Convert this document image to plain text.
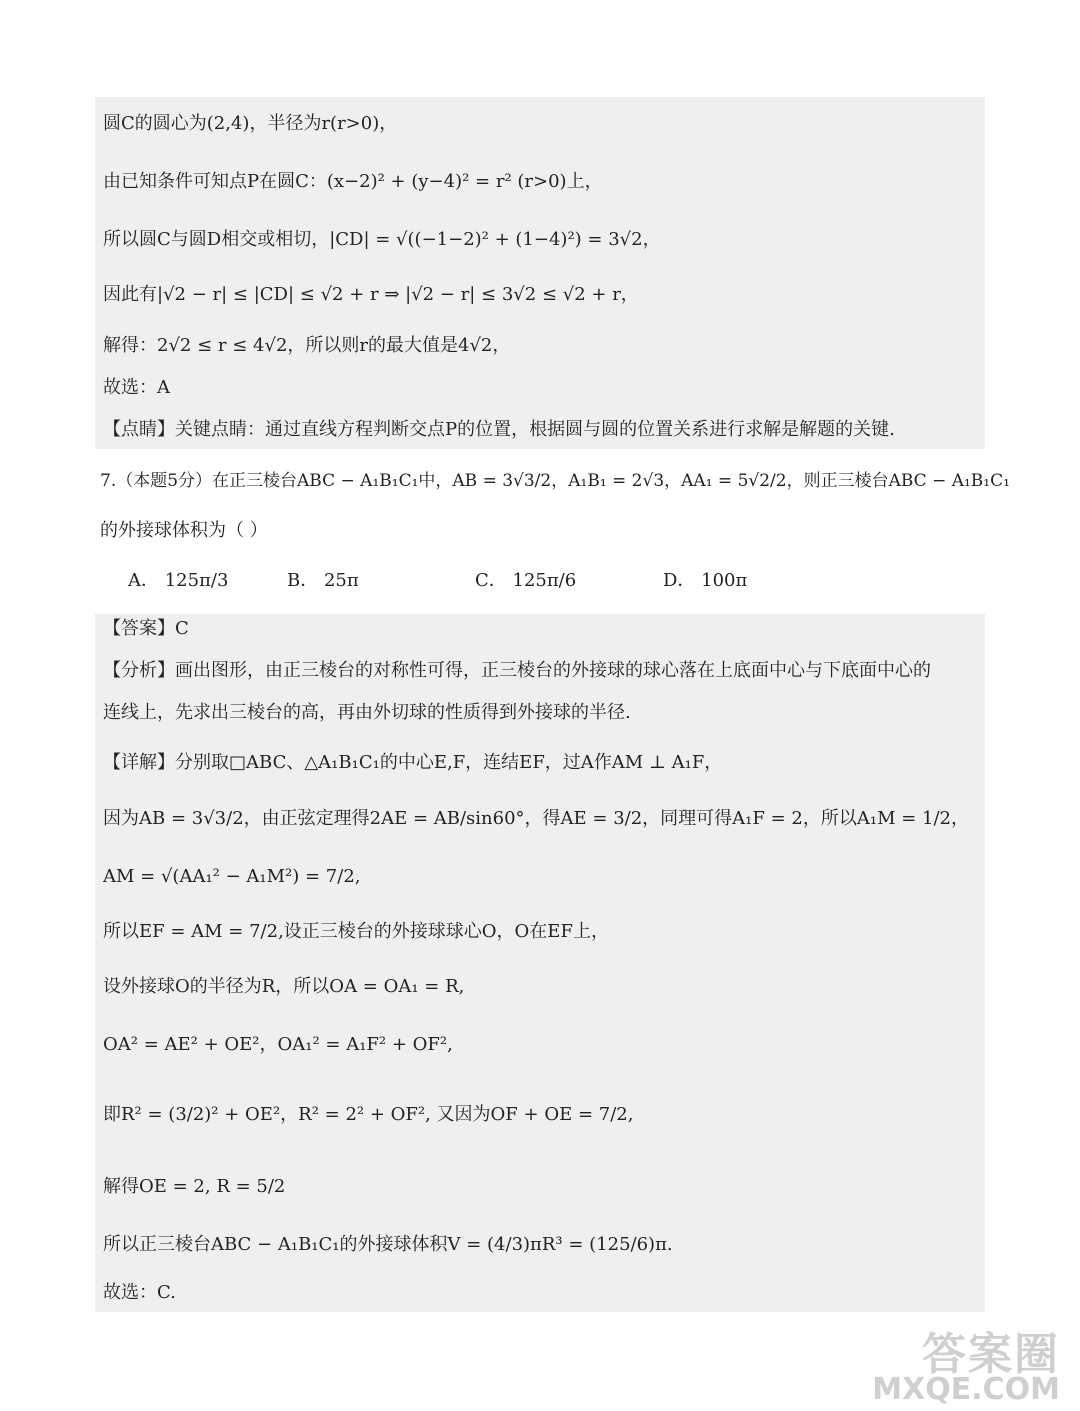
圆C的圆心为(2,4)，半径为r(r>0)，
由已知条件可知点P在圆C：(x−2)² + (y−4)² = r² (r>0)上，
所以圆C与圆D相交或相切，|CD| = √((−1−2)² + (1−4)²) = 3√2，
因此有|√2 − r| ≤ |CD| ≤ √2 + r ⇒ |√2 − r| ≤ 3√2 ≤ √2 + r，
解得：2√2 ≤ r ≤ 4√2，所以则r的最大值是4√2，
故选：A
【点睛】关键点睛：通过直线方程判断交点P的位置，根据圆与圆的位置关系进行求解是解题的关键.
7.（本题5分）在正三棱台ABC − A₁B₁C₁中，AB = 3√3/2，A₁B₁ = 2√3，AA₁ = 5√2/2，则正三棱台ABC − A₁B₁C₁
的外接球体积为（ ）
A． 125π/3	B． 25π	C． 125π/6	D． 100π
【答案】C
【分析】画出图形，由正三棱台的对称性可得，正三棱台的外接球的球心落在上底面中心与下底面中心的
连线上，先求出三棱台的高，再由外切球的性质得到外接球的半径.
【详解】分别取□ABC、△A₁B₁C₁的中心E,F，连结EF，过A作AM ⊥ A₁F，
因为AB = 3√3/2，由正弦定理得2AE = AB/sin60°，得AE = 3/2，同理可得A₁F = 2，所以A₁M = 1/2，
AM = √(AA₁² − A₁M²) = 7/2,
所以EF = AM = 7/2,设正三棱台的外接球球心O，O在EF上，
设外接球O的半径为R，所以OA = OA₁ = R,
OA² = AE² + OE²，OA₁² = A₁F² + OF²,
即R² = (3/2)² + OE²，R² = 2² + OF², 又因为OF + OE = 7/2,
解得OE = 2, R = 5/2
所以正三棱台ABC − A₁B₁C₁的外接球体积V = (4/3)πR³ = (125/6)π.
故选：C.
答案圈
MXQE.COM
